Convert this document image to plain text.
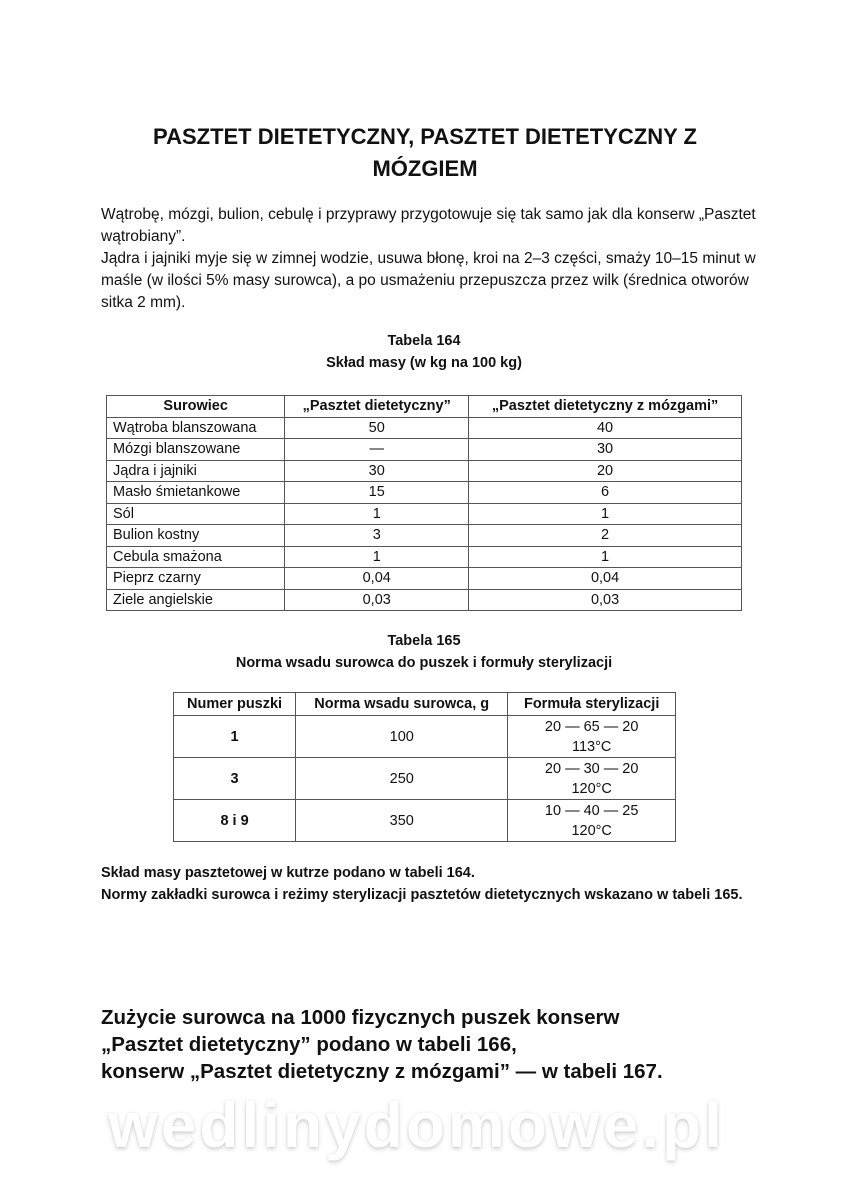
PASZTET DIETETYCZNY, PASZTET DIETETYCZNY Z MÓZGIEM

Wątrobę, mózgi, bulion, cebulę i przyprawy przygotowuje się tak samo jak dla konserw „Pasztet wątrobiany”.

Jądra i jajniki myje się w zimnej wodzie, usuwa błonę, kroi na 2–3 części, smaży 10–15 minut w maśle (w ilości 5% masy surowca), a po usmażeniu przepuszcza przez wilk (średnica otworów sitka 2 mm).

Tabela 164
Skład masy (w kg na 100 kg)
Surowiec	„Pasztet dietetyczny”	„Pasztet dietetyczny z mózgami”
Wątroba blanszowana	50	40
Mózgi blanszowane	—	30
Jądra i jajniki	30	20
Masło śmietankowe	15	6
Sól	1	1
Bulion kostny	3	2
Cebula smażona	1	1
Pieprz czarny	0,04	0,04
Ziele angielskie	0,03	0,03
Tabela 165
Norma wsadu surowca do puszek i formuły sterylizacji
Numer puszki	Norma wsadu surowca, g	Formuła sterylizacji
1	100	20 — 65 — 20
113°C

3	250	20 — 30 — 20
120°C

8 i 9	350	10 — 40 — 25
120°C

Skład masy pasztetowej w kutrze podano w tabeli 164.

Normy zakładki surowca i reżimy sterylizacji pasztetów dietetycznych wskazano w tabeli 165.

Zużycie surowca na 1000 fizycznych puszek konserw

„Pasztet dietetyczny” podano w tabeli 166,

konserw „Pasztet dietetyczny z mózgami” — w tabeli 167.

wedlinydomowe.pl
